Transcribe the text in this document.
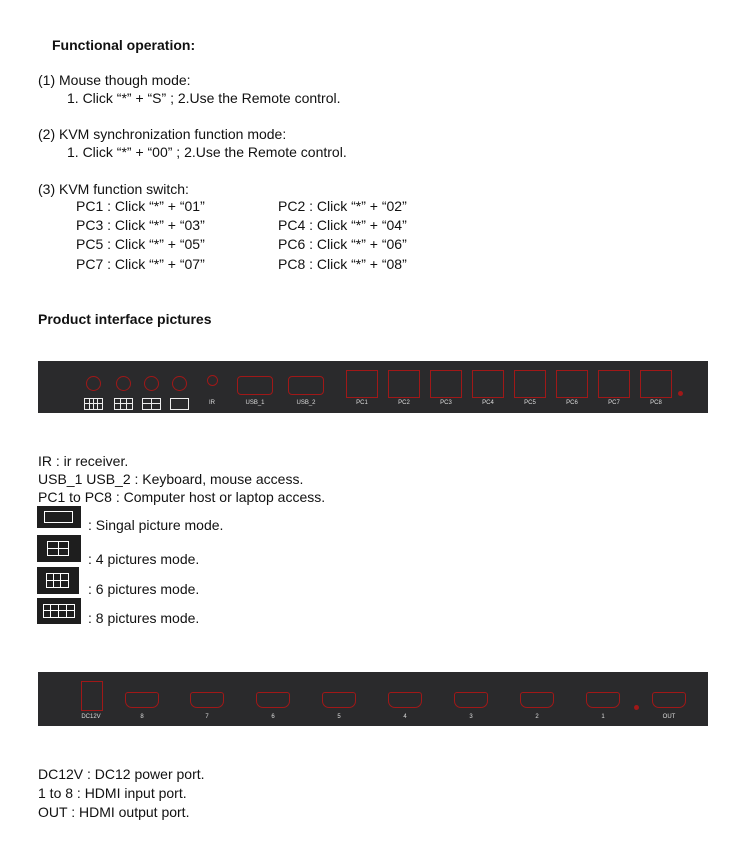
Functional operation:
(1) Mouse though mode:
1. Click “*” + “S” ; 2.Use the Remote control.
(2) KVM synchronization function mode:
1. Click “*” + “00” ; 2.Use the Remote control.
(3) KVM function switch:
PC1 : Click “*” + “01”	PC2 : Click “*” + “02”
PC3 : Click “*” + “03”	PC4 : Click “*” + “04”
PC5 : Click “*” + “05”	PC6 : Click “*” + “06”
PC7 : Click “*” + “07”	PC8 : Click “*” + “08”
Product interface pictures
IR	USB_1	USB_2	PC1	PC2	PC3	PC4	PC5	PC6	PC7	PC8
IR : ir receiver.
USB_1 USB_2 : Keyboard, mouse access.
PC1 to PC8 : Computer host or laptop access.
: Singal picture mode.
: 4 pictures mode.
: 6 pictures mode.
: 8 pictures mode.
DC12V	8	7	6	5	4	3	2	1	OUT
DC12V : DC12 power port.
1 to 8 : HDMI input port.
OUT : HDMI output port.
